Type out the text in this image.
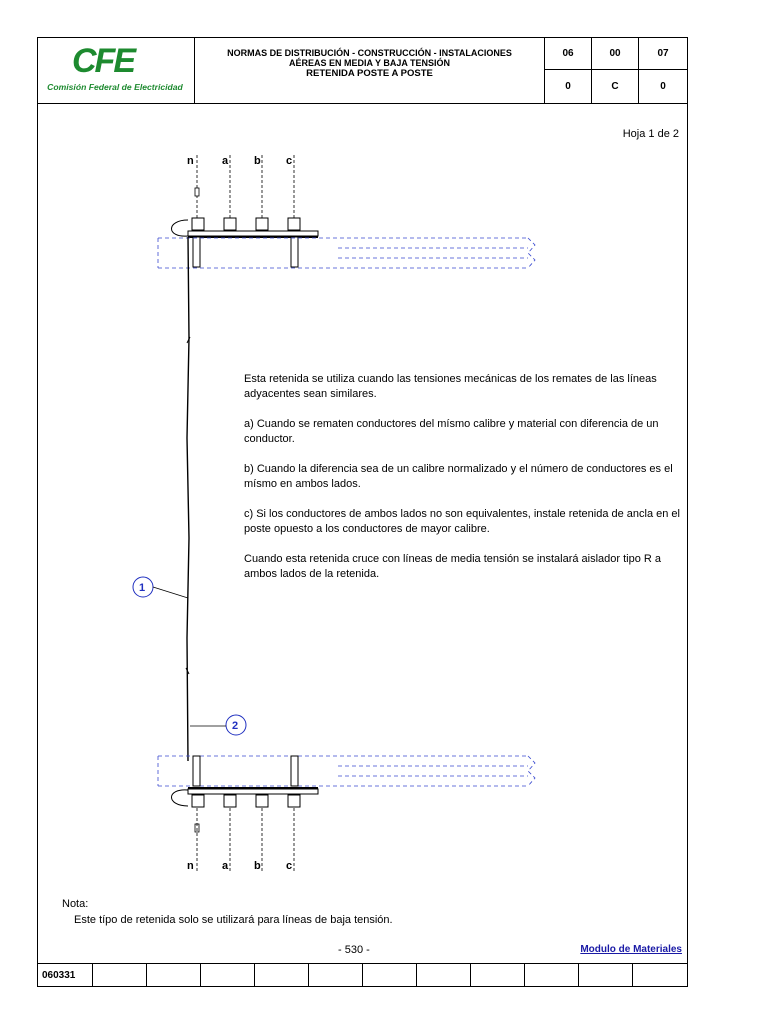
CFE
Comisión Federal de Electricidad
NORMAS DE DISTRIBUCIÓN - CONSTRUCCIÓN - INSTALACIONES
AÉREAS EN MEDIA Y BAJA TENSIÓN
RETENIDA POSTE A POSTE
06	00	07
0	C	0
Hoja 1 de 2
n	a b c
1
2
n	a b c

Esta retenida se utiliza cuando las tensiones mecánicas de los remates de las líneas adyacentes sean similares.

a) Cuando se rematen conductores del mísmo calibre y material con diferencia de un conductor.

b) Cuando la diferencia sea de un calibre normalizado y el número de conductores es el mísmo en ambos lados.

c) Si los conductores de ambos lados no son equivalentes, instale retenida de ancla en el poste opuesto a los conductores de mayor calibre.

Cuando esta retenida cruce con líneas de media tensión se instalará aislador tipo R a ambos lados de la retenida.

Nota:
Este típo de retenida solo se utilizará para líneas de baja tensión.
- 530 -	Modulo de Materiales
060331
